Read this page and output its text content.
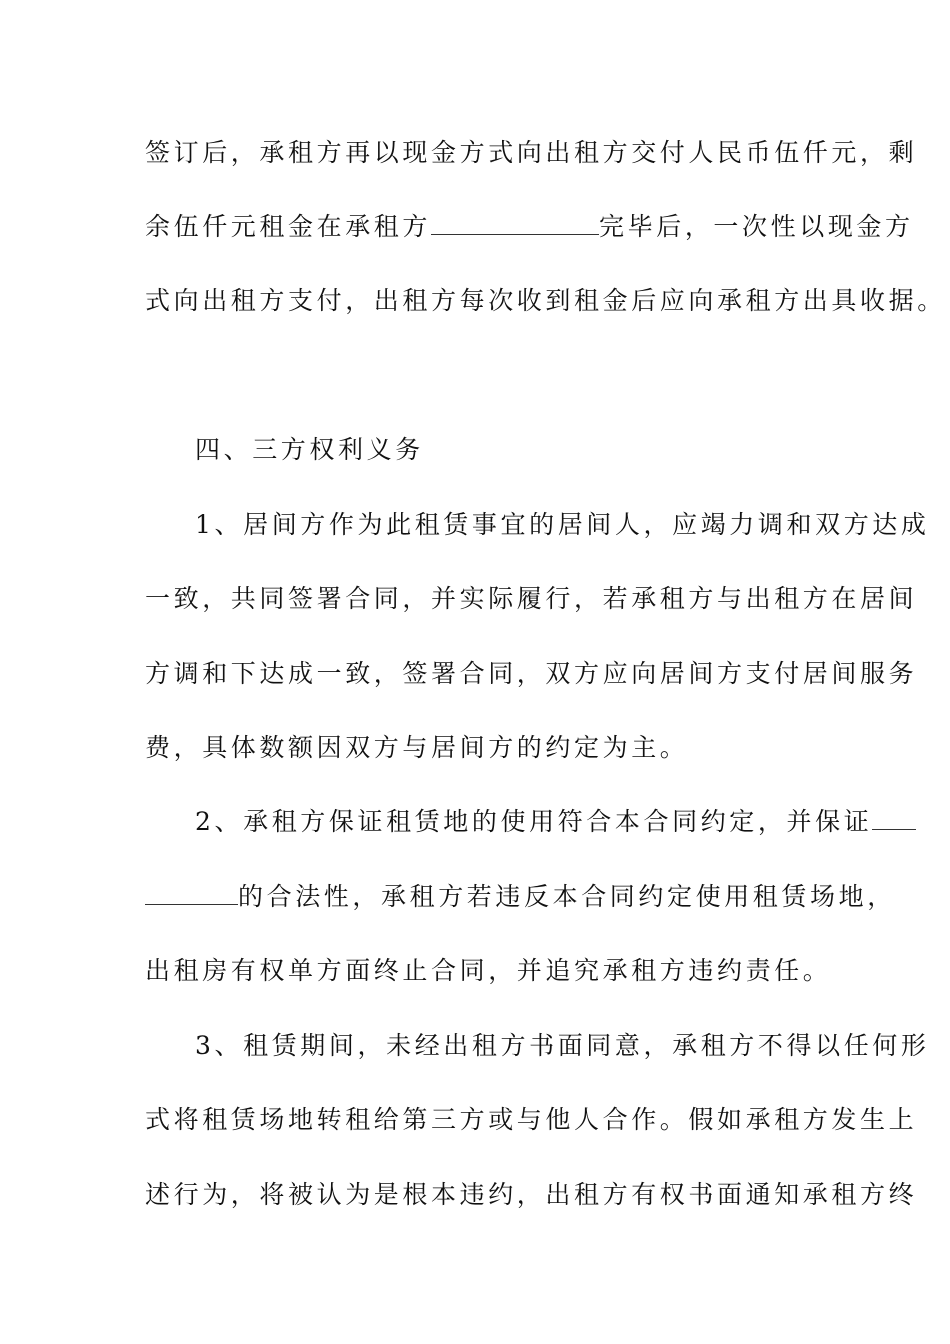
签订后，承租方再以现金方式向出租方交付人民币伍仟元，剩

余伍仟元租金在承租方	完毕后，一次性以现金方

式向出租方支付，出租方每次收到租金后应向承租方出具收据。

四、三方权利义务

1、居间方作为此租赁事宜的居间人，应竭力调和双方达成

一致，共同签署合同，并实际履行，若承租方与出租方在居间

方调和下达成一致，签署合同，双方应向居间方支付居间服务

费，具体数额因双方与居间方的约定为主。

2、承租方保证租赁地的使用符合本合同约定，并保证

的合法性，承租方若违反本合同约定使用租赁场地，

出租房有权单方面终止合同，并追究承租方违约责任。

3、租赁期间，未经出租方书面同意，承租方不得以任何形

式将租赁场地转租给第三方或与他人合作。假如承租方发生上

述行为，将被认为是根本违约，出租方有权书面通知承租方终
